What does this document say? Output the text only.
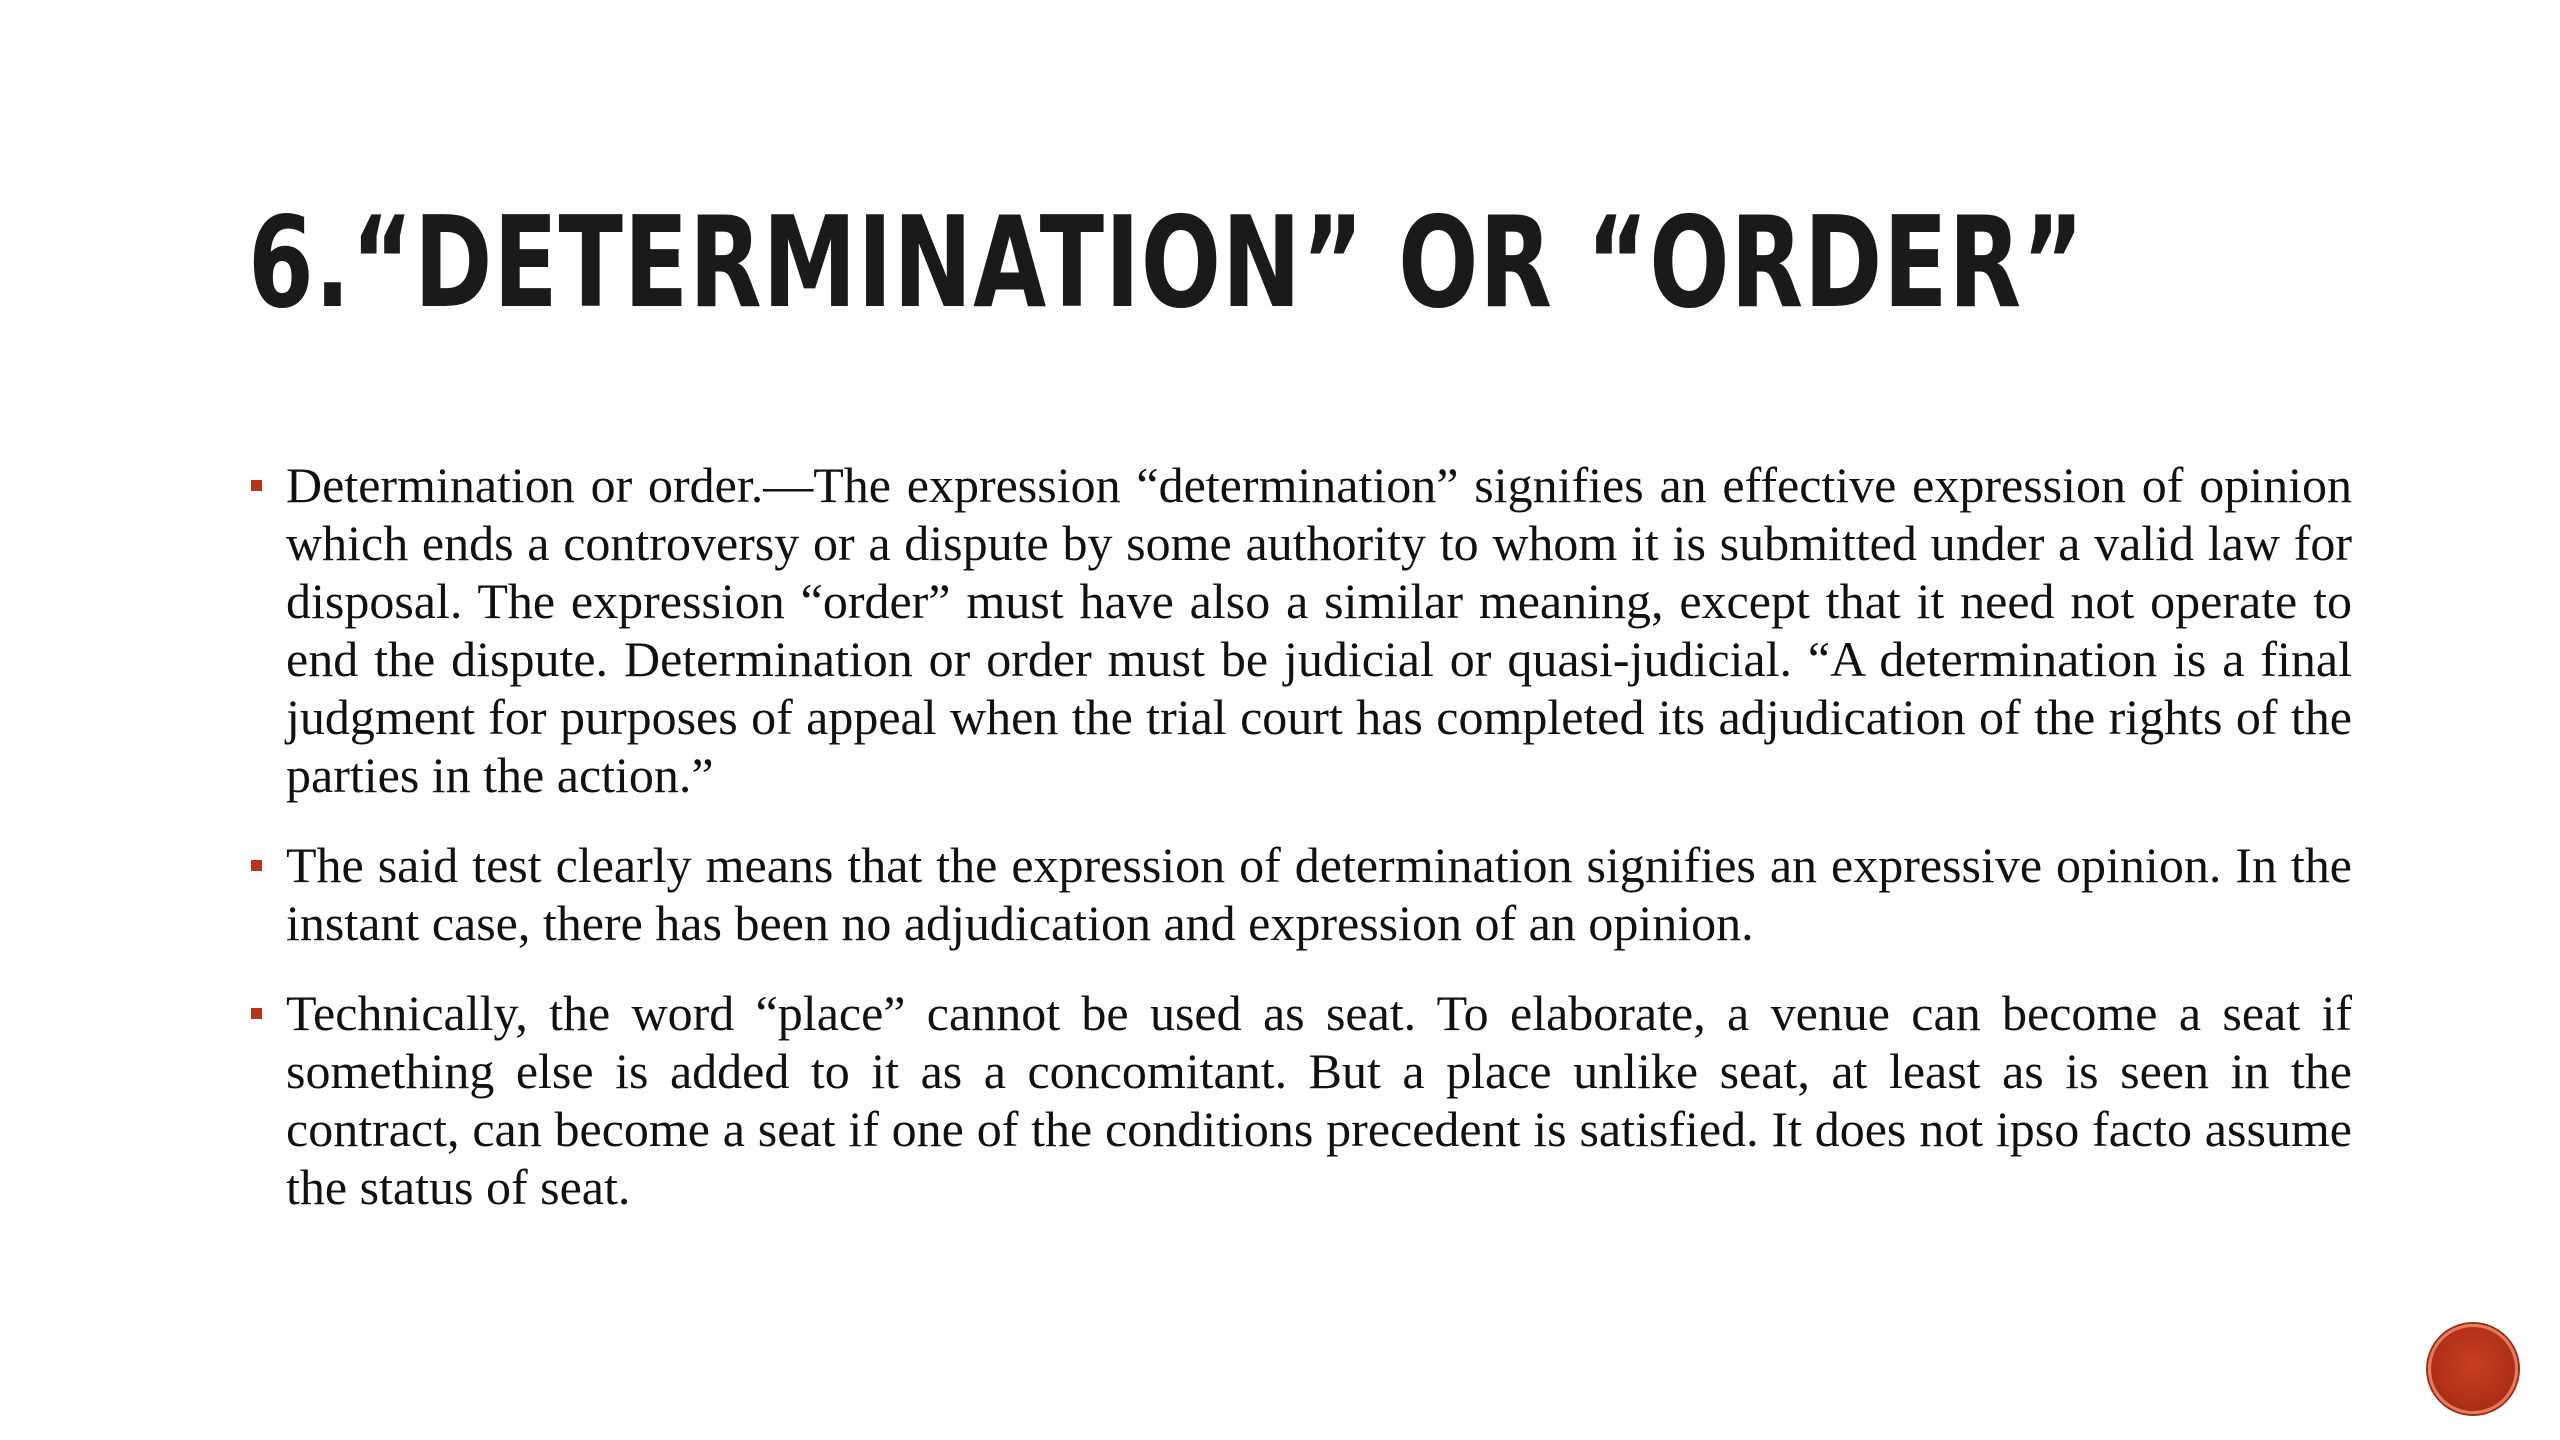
6.“DETERMINATION” OR “ORDER”
Determination or order.—The expression “determination” signifies an effective expression of opinion which ends a controversy or a dispute by some authority to whom it is submitted under a valid law for disposal. The expression “order” must have also a similar meaning, except that it need not operate to end the dispute. Determination or order must be judicial or quasi-judicial. “A determination is a final judgment for purposes of appeal when the trial court has completed its adjudication of the rights of the parties in the action.”
The said test clearly means that the expression of determination signifies an expressive opinion. In the instant case, there has been no adjudication and expression of an opinion.
Technically, the word “place” cannot be used as seat. To elaborate, a venue can become a seat if something else is added to it as a concomitant. But a place unlike seat, at least as is seen in the contract, can become a seat if one of the conditions precedent is satisfied. It does not ipso facto assume the status of seat.
